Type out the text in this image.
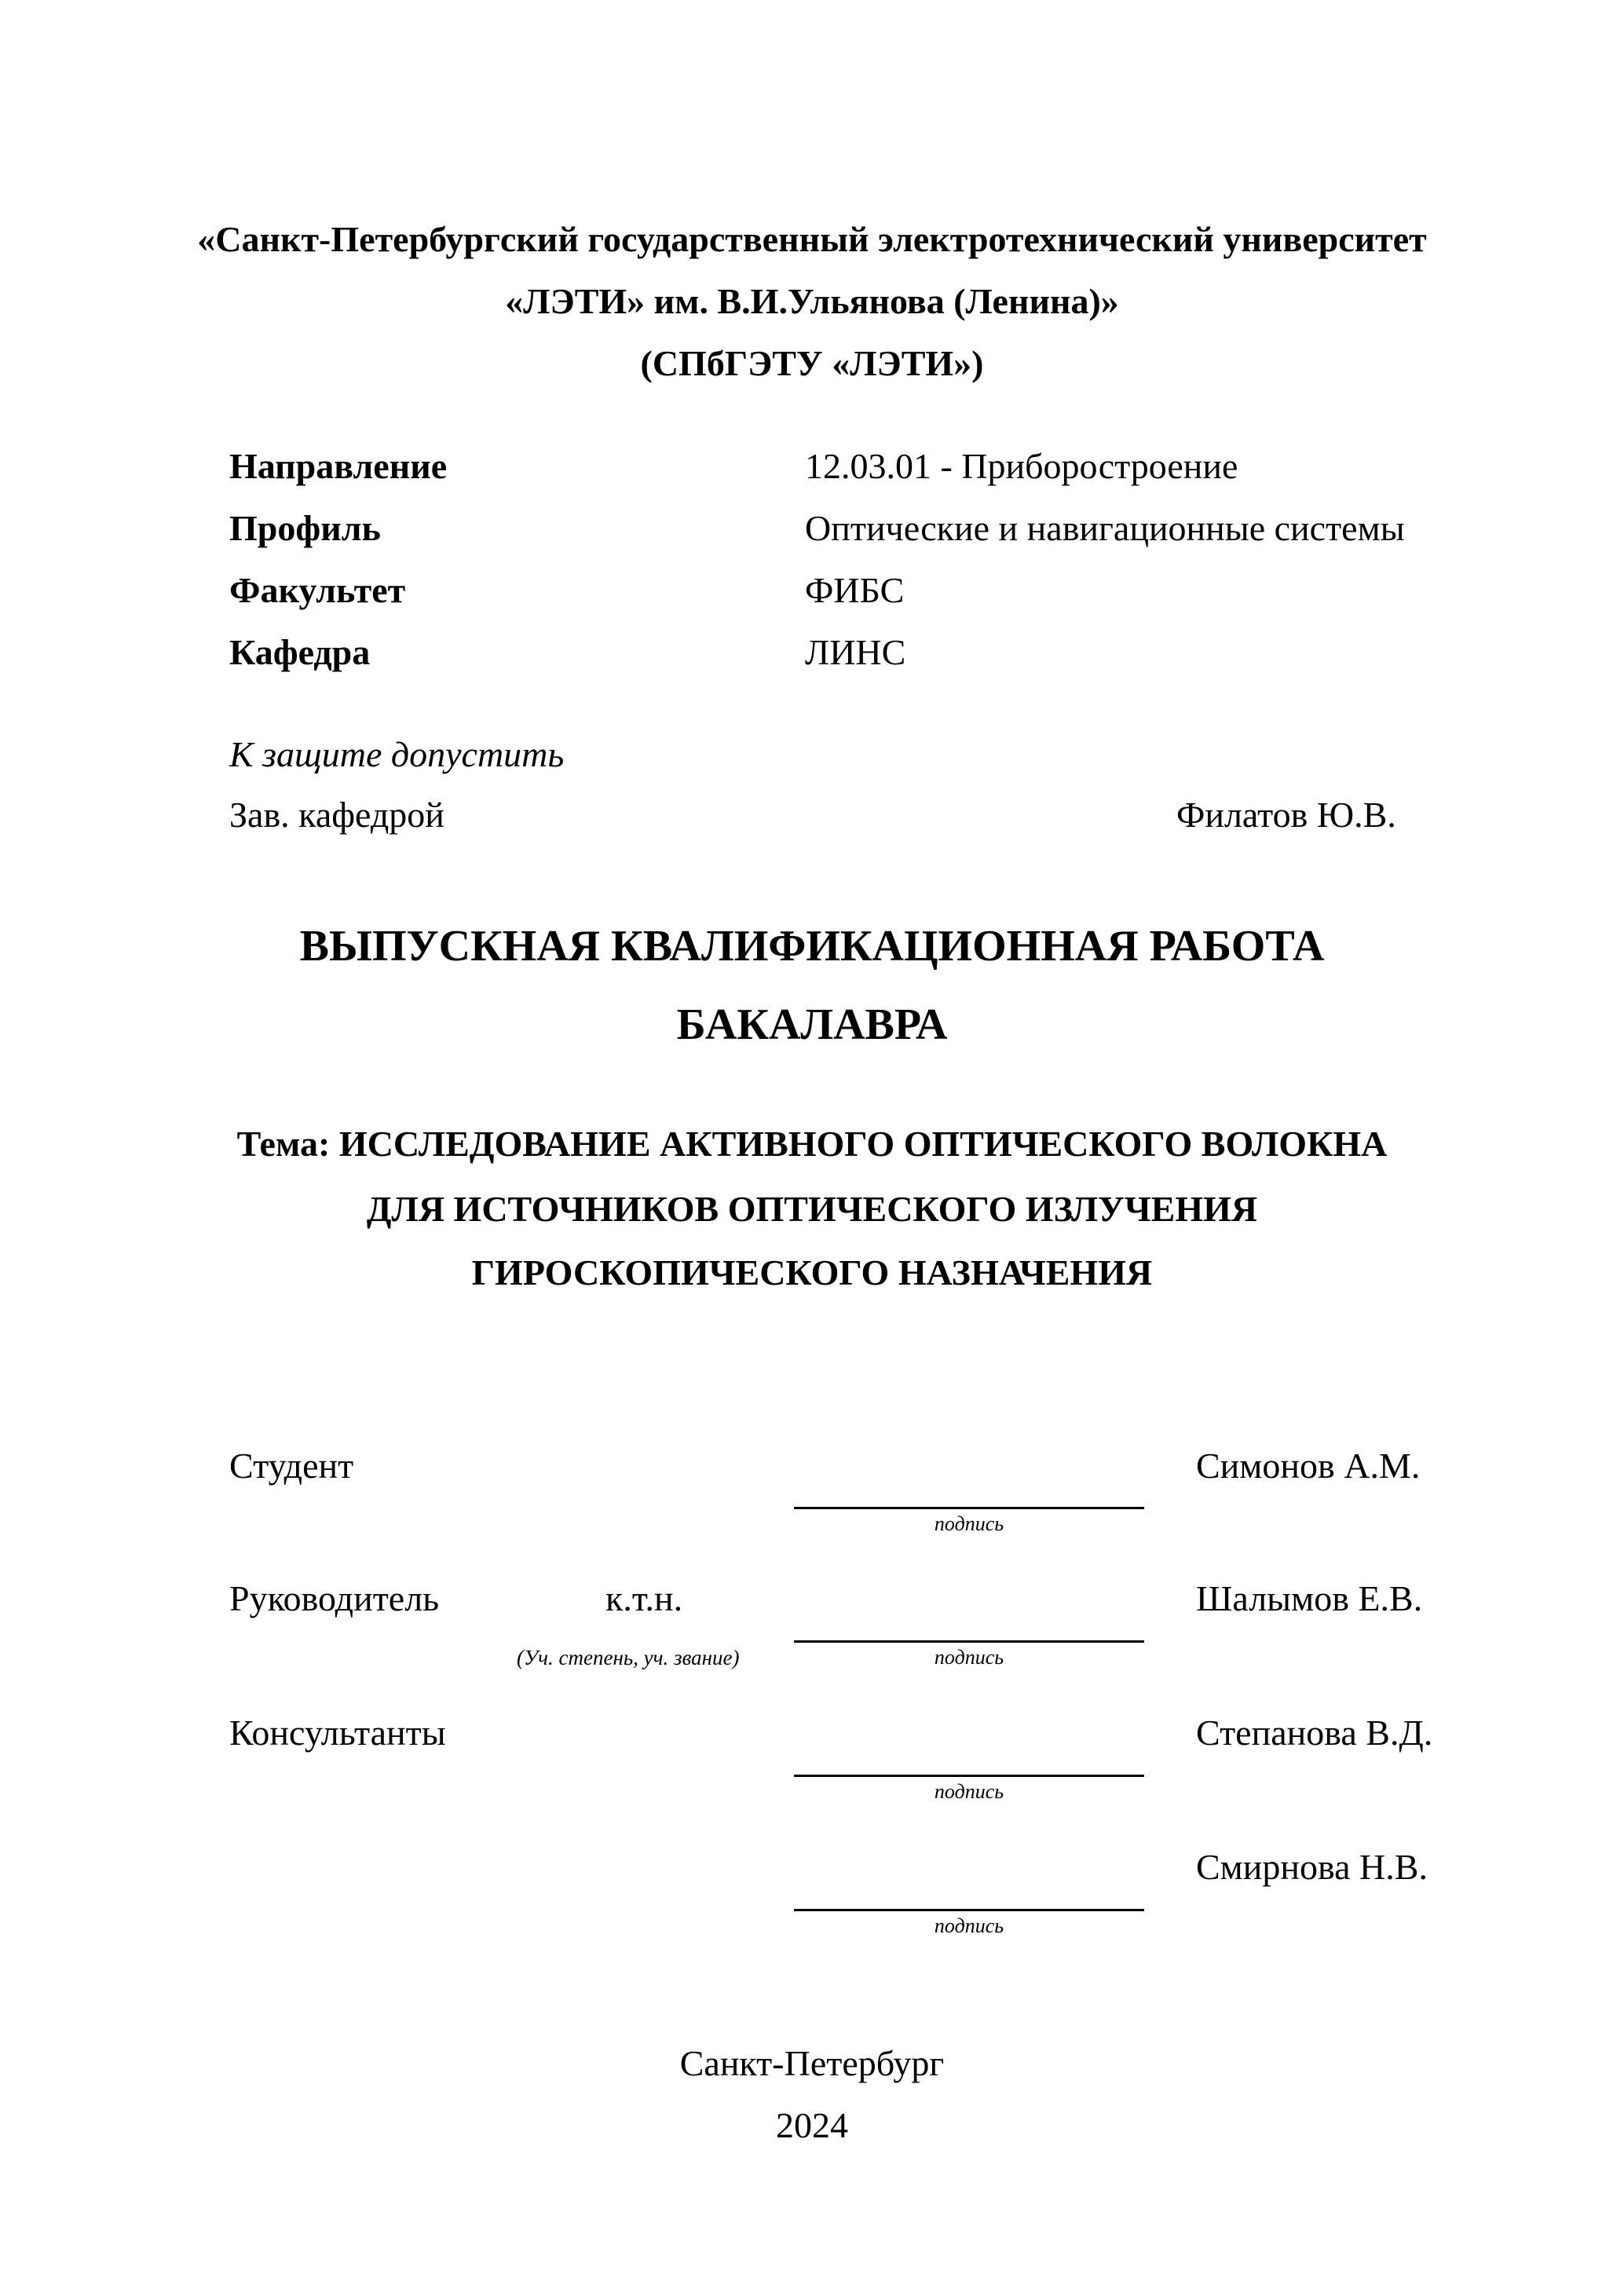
«Санкт-Петербургский государственный электротехнический университет
«ЛЭТИ» им. В.И.Ульянова (Ленина)»
(СПбГЭТУ «ЛЭТИ»)
Направление	12.03.01 - Приборостроение
Профиль	Оптические и навигационные системы
Факультет	ФИБС
Кафедра	ЛИНС
К защите допустить
Зав. кафедрой	Филатов Ю.В.
ВЫПУСКНАЯ КВАЛИФИКАЦИОННАЯ РАБОТА
БАКАЛАВРА
Тема: ИССЛЕДОВАНИЕ АКТИВНОГО ОПТИЧЕСКОГО ВОЛОКНА
ДЛЯ ИСТОЧНИКОВ ОПТИЧЕСКОГО ИЗЛУЧЕНИЯ
ГИРОСКОПИЧЕСКОГО НАЗНАЧЕНИЯ
Студент	Симонов А.М.
подпись
Руководитель	к.т.н.	Шалымов Е.В.
(Уч. степень, уч. звание)	подпись
Консультанты	Степанова В.Д.
подпись
Смирнова Н.В.
подпись
Санкт-Петербург
2024
